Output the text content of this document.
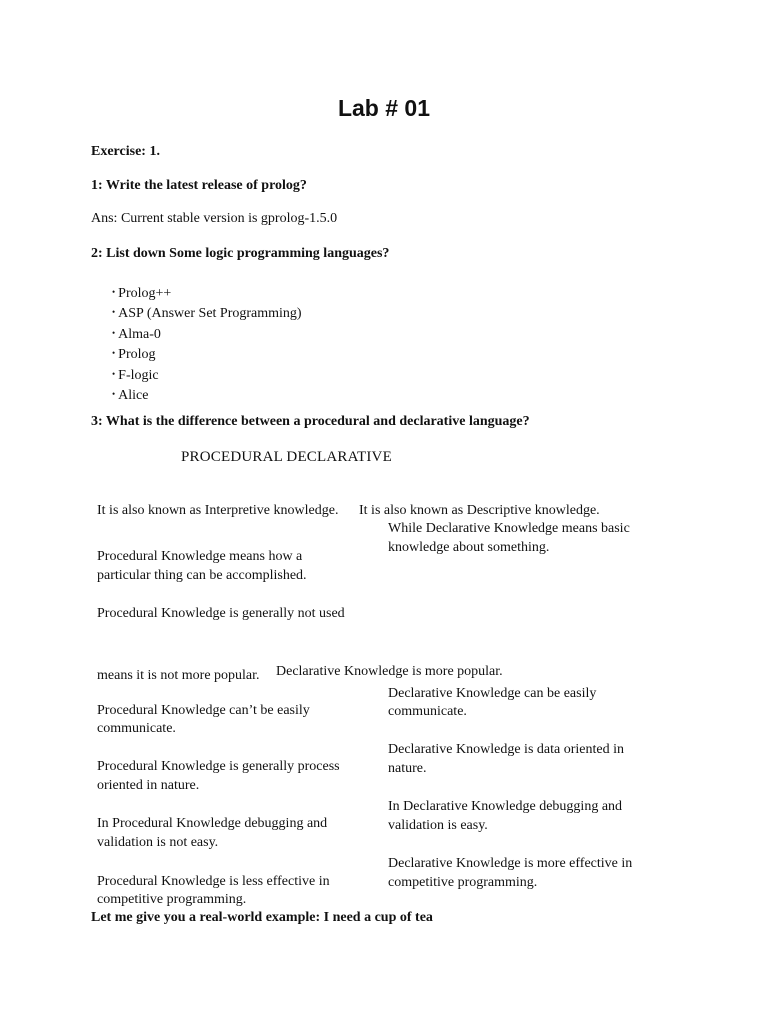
Lab # 01
Exercise: 1.
1: Write the latest release of prolog?
Ans: Current stable version is gprolog-1.5.0
2: List down Some logic programming languages?
• Prolog++
• ASP (Answer Set Programming)
• Alma-0
• Prolog
• F-logic
• Alice
3: What is the difference between a procedural and declarative language?
PROCEDURAL DECLARATIVE
It is also known as Interpretive knowledge.
Procedural Knowledge means how a
particular thing can be accomplished.
Procedural Knowledge is generally not used
means it is not more popular.
Procedural Knowledge can’t be easily
communicate.
Procedural Knowledge is generally process
oriented in nature.
In Procedural Knowledge debugging and
validation is not easy.
Procedural Knowledge is less effective in
competitive programming.
It is also known as Descriptive knowledge.
While Declarative Knowledge means basic
knowledge about something.
Declarative Knowledge is more popular.
Declarative Knowledge can be easily
communicate.
Declarative Knowledge is data oriented in
nature.
In Declarative Knowledge debugging and
validation is easy.
Declarative Knowledge is more effective in
competitive programming.
Let me give you a real-world example: I need a cup of tea
